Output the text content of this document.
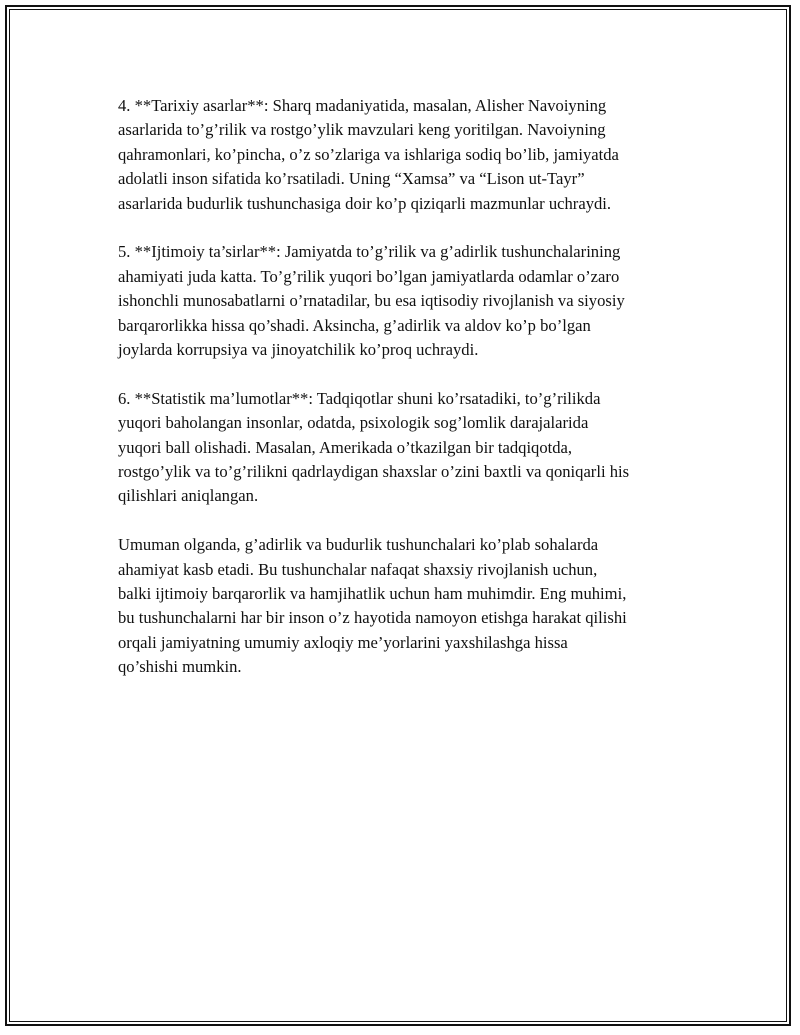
4. **Tarixiy asarlar**: Sharq madaniyatida, masalan, Alisher Navoiyning
asarlarida to’g’rilik va rostgo’ylik mavzulari keng yoritilgan. Navoiyning
qahramonlari, ko’pincha, o’z so’zlariga va ishlariga sodiq bo’lib, jamiyatda
adolatli inson sifatida ko’rsatiladi. Uning “Xamsa” va “Lison ut-Tayr”
asarlarida budurlik tushunchasiga doir ko’p qiziqarli mazmunlar uchraydi.

5. **Ijtimoiy ta’sirlar**: Jamiyatda to’g’rilik va g’adirlik tushunchalarining
ahamiyati juda katta. To’g’rilik yuqori bo’lgan jamiyatlarda odamlar o’zaro
ishonchli munosabatlarni o’rnatadilar, bu esa iqtisodiy rivojlanish va siyosiy
barqarorlikka hissa qo’shadi. Aksincha, g’adirlik va aldov ko’p bo’lgan
joylarda korrupsiya va jinoyatchilik ko’proq uchraydi.

6. **Statistik ma’lumotlar**: Tadqiqotlar shuni ko’rsatadiki, to’g’rilikda
yuqori baholangan insonlar, odatda, psixologik sog’lomlik darajalarida
yuqori ball olishadi. Masalan, Amerikada o’tkazilgan bir tadqiqotda,
rostgo’ylik va to’g’rilikni qadrlaydigan shaxslar o’zini baxtli va qoniqarli his
qilishlari aniqlangan.

Umuman olganda, g’adirlik va budurlik tushunchalari ko’plab sohalarda
ahamiyat kasb etadi. Bu tushunchalar nafaqat shaxsiy rivojlanish uchun,
balki ijtimoiy barqarorlik va hamjihatlik uchun ham muhimdir. Eng muhimi,
bu tushunchalarni har bir inson o’z hayotida namoyon etishga harakat qilishi
orqali jamiyatning umumiy axloqiy me’yorlarini yaxshilashga hissa
qo’shishi mumkin.
